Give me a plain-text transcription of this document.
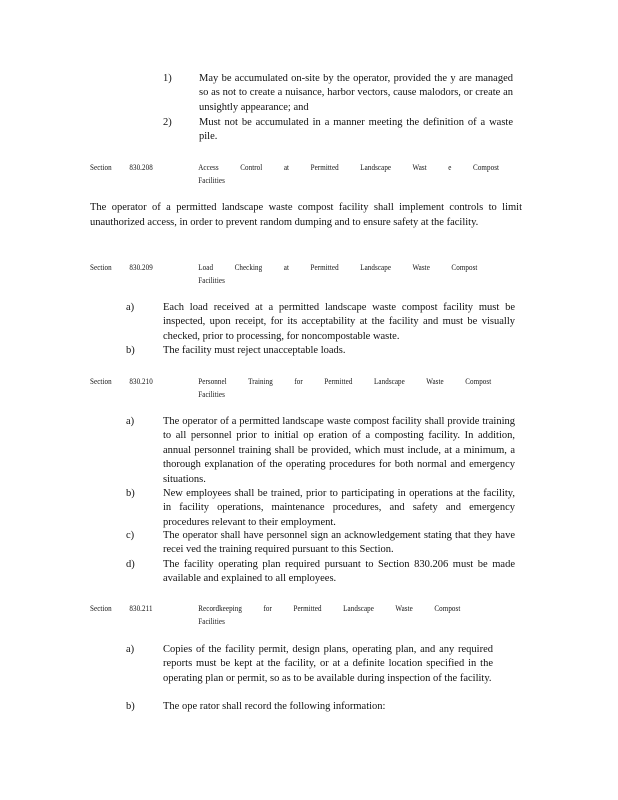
1)	May be accumulated on-site by the operator, provided the y are managed so as not to create a nuisance, harbor vectors, cause malodors, or create an unsightly appearance; and
2)	Must not be accumulated in a manner meeting the definition of a waste pile.
Section 830.208	Access Control at Permitted Landscape Wast e Compost
Facilities
The operator of a permitted landscape waste compost facility shall implement controls to limit unauthorized access, in order to prevent random dumping and to ensure safety at the facility.
Section 830.209	Load Checking at Permitted Landscape Waste Compost
Facilities
a)	Each load received at a permitted landscape waste compost facility must be inspected, upon receipt, for its acceptability at the facility and must be visually checked, prior to processing, for noncompostable waste.
b)	The facility must reject unacceptable loads.
Section 830.210	Personnel Training for Permitted Landscape Waste Compost
Facilities
a)	The operator of a permitted landscape waste compost facility shall provide training to all personnel prior to initial op eration of a composting facility. In addition, annual personnel training shall be provided, which must include, at a minimum, a thorough explanation of the operating procedures for both normal and emergency situations.
b)	New employees shall be trained, prior to participating in operations at the facility, in facility operations, maintenance procedures, and safety and emergency procedures relevant to their employment.
c)	The operator shall have personnel sign an acknowledgement stating that they have recei ved the training required pursuant to this Section.
d)	The facility operating plan required pursuant to Section 830.206 must be made available and explained to all employees.
Section 830.211	Recordkeeping for Permitted Landscape Waste Compost
Facilities
a)	Copies of the facility permit, design plans, operating plan, and any required reports must be kept at the facility, or at a definite location specified in the operating plan or permit, so as to be available during inspection of the facility.
b)	The ope rator shall record the following information:
